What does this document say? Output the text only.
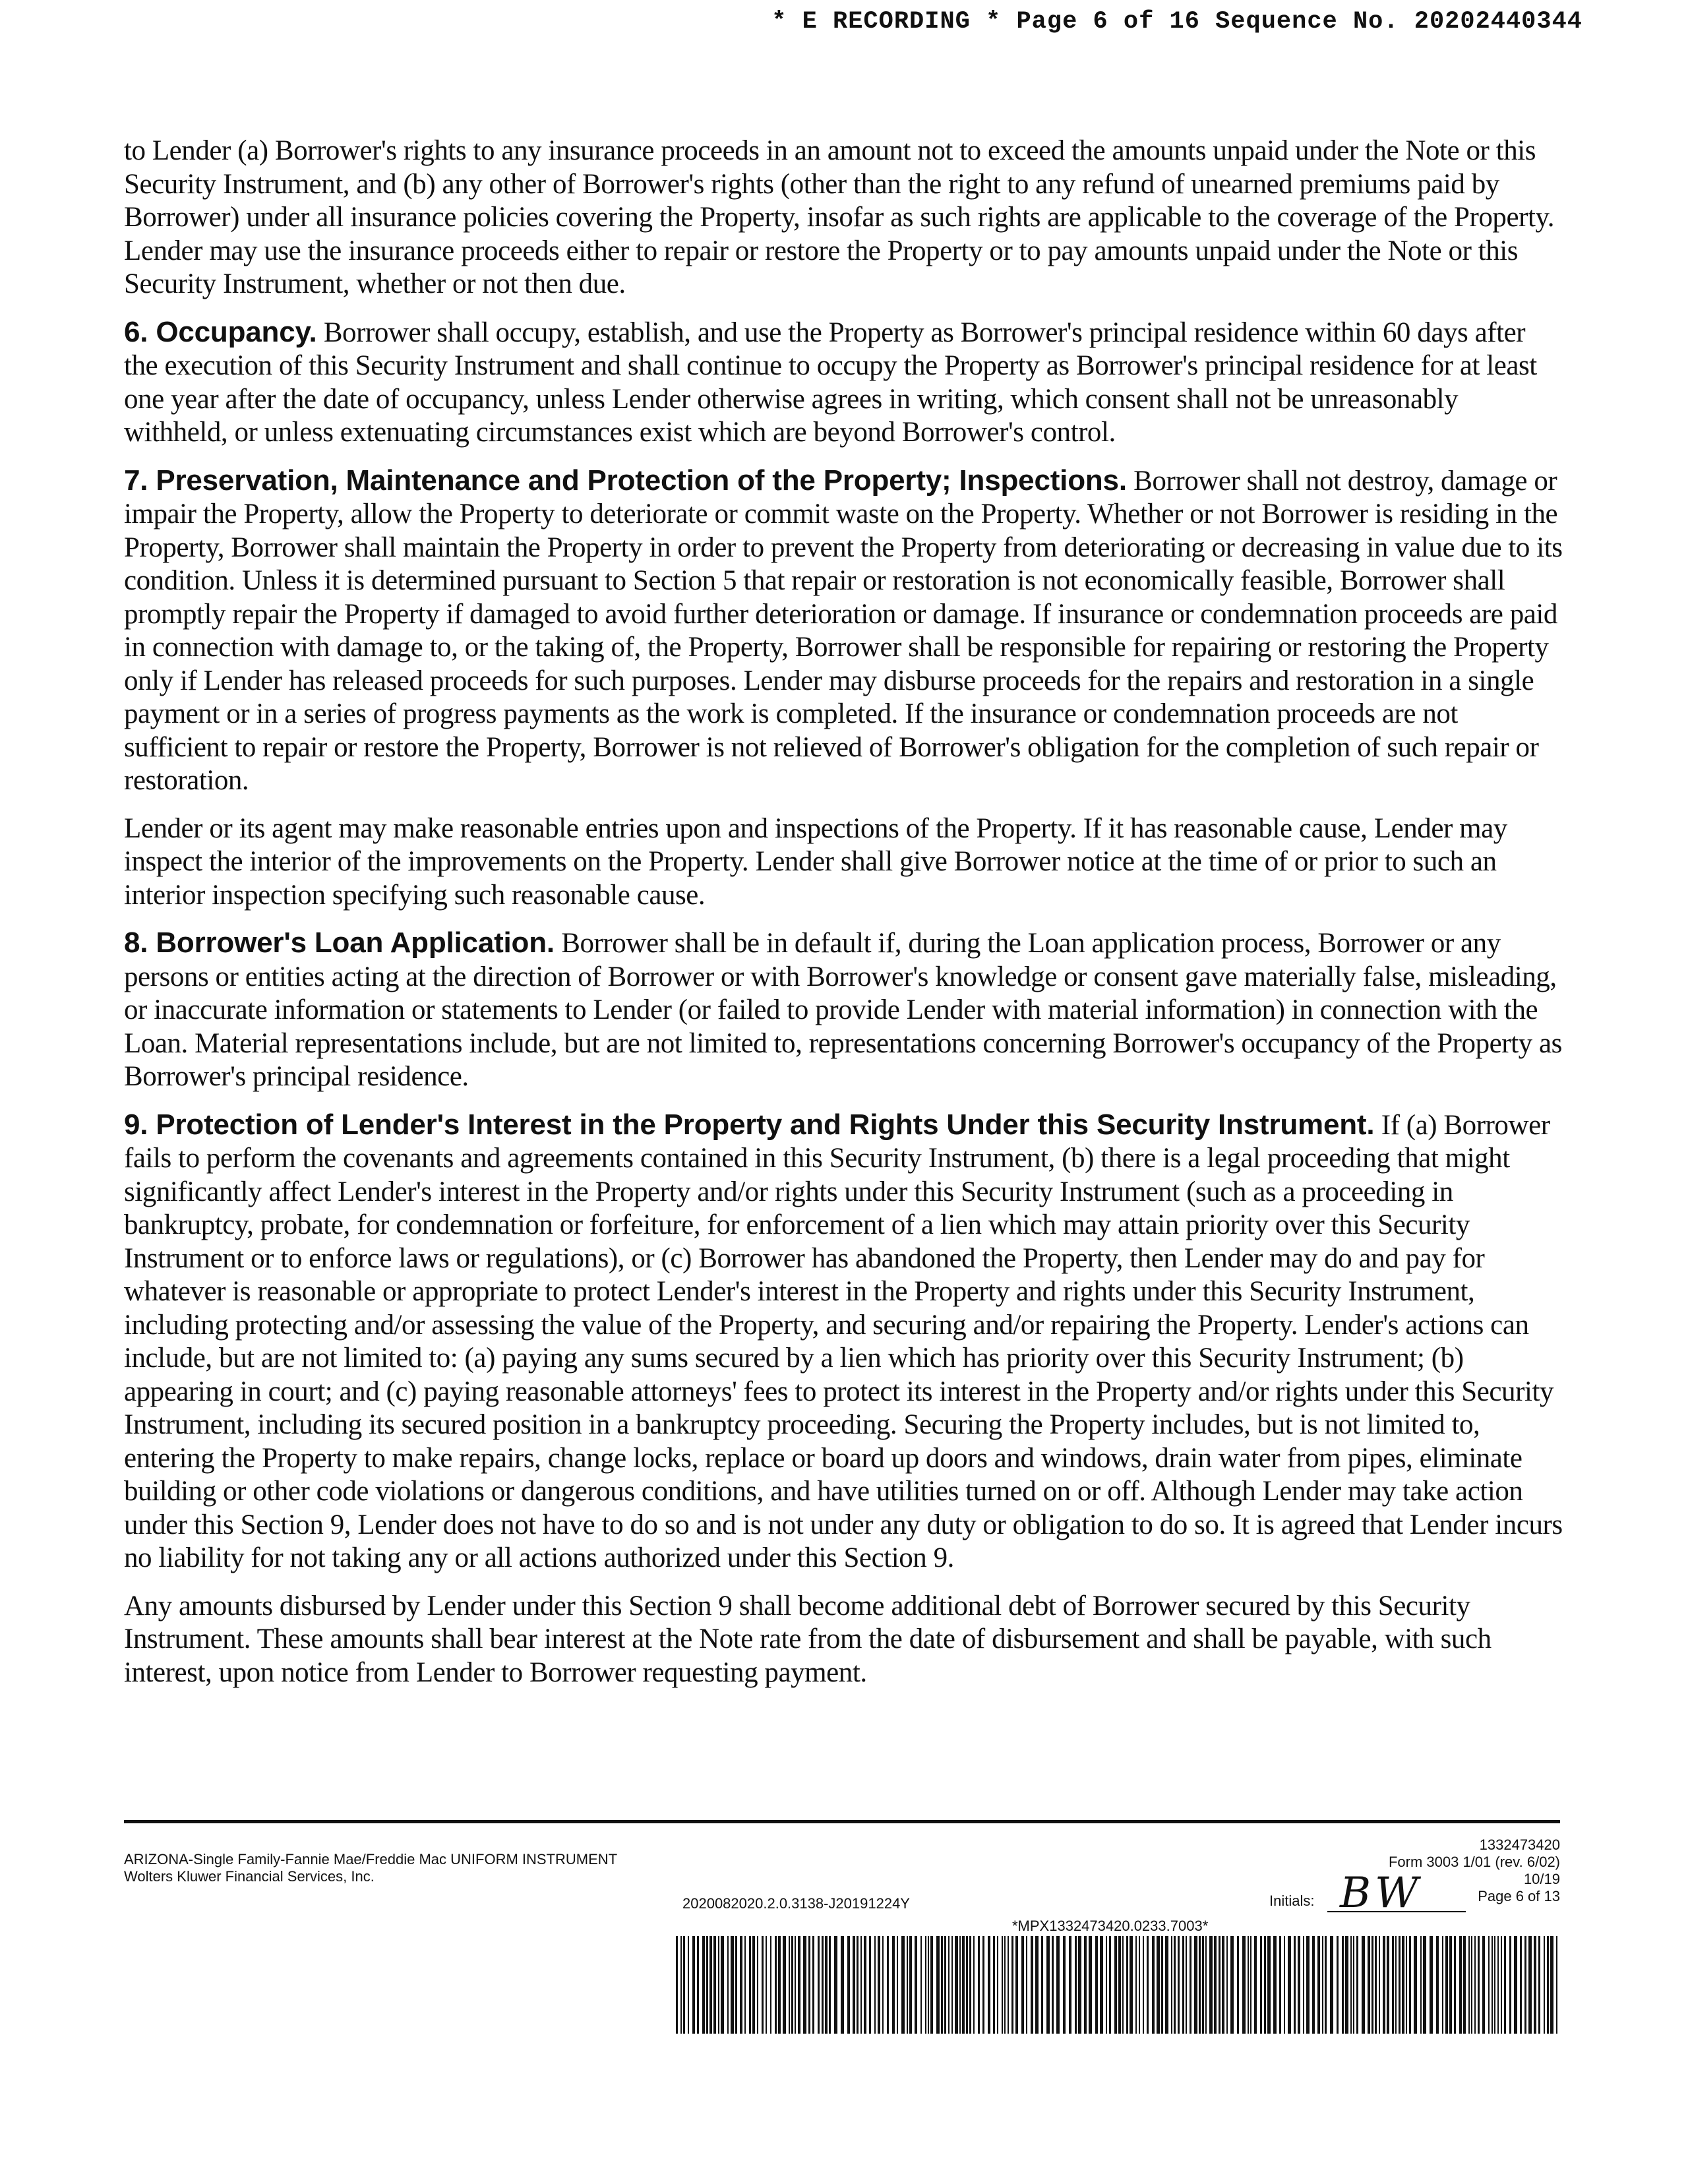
* E RECORDING * Page 6 of 16 Sequence No. 20202440344

to Lender (a) Borrower's rights to any insurance proceeds in an amount not to exceed the amounts unpaid under the Note or this Security Instrument, and (b) any other of Borrower's rights (other than the right to any refund of unearned premiums paid by Borrower) under all insurance policies covering the Property, insofar as such rights are applicable to the coverage of the Property. Lender may use the insurance proceeds either to repair or restore the Property or to pay amounts unpaid under the Note or this Security Instrument, whether or not then due.

6. Occupancy. Borrower shall occupy, establish, and use the Property as Borrower's principal residence within 60 days after the execution of this Security Instrument and shall continue to occupy the Property as Borrower's principal residence for at least one year after the date of occupancy, unless Lender otherwise agrees in writing, which consent shall not be unreasonably withheld, or unless extenuating circumstances exist which are beyond Borrower's control.

7. Preservation, Maintenance and Protection of the Property; Inspections. Borrower shall not destroy, damage or impair the Property, allow the Property to deteriorate or commit waste on the Property. Whether or not Borrower is residing in the Property, Borrower shall maintain the Property in order to prevent the Property from deteriorating or decreasing in value due to its condition. Unless it is determined pursuant to Section 5 that repair or restoration is not economically feasible, Borrower shall promptly repair the Property if damaged to avoid further deterioration or damage. If insurance or condemnation proceeds are paid in connection with damage to, or the taking of, the Property, Borrower shall be responsible for repairing or restoring the Property only if Lender has released proceeds for such purposes. Lender may disburse proceeds for the repairs and restoration in a single payment or in a series of progress payments as the work is completed. If the insurance or condemnation proceeds are not sufficient to repair or restore the Property, Borrower is not relieved of Borrower's obligation for the completion of such repair or restoration.

Lender or its agent may make reasonable entries upon and inspections of the Property. If it has reasonable cause, Lender may inspect the interior of the improvements on the Property. Lender shall give Borrower notice at the time of or prior to such an interior inspection specifying such reasonable cause.

8. Borrower's Loan Application. Borrower shall be in default if, during the Loan application process, Borrower or any persons or entities acting at the direction of Borrower or with Borrower's knowledge or consent gave materially false, misleading, or inaccurate information or statements to Lender (or failed to provide Lender with material information) in connection with the Loan. Material representations include, but are not limited to, representations concerning Borrower's occupancy of the Property as Borrower's principal residence.

9. Protection of Lender's Interest in the Property and Rights Under this Security Instrument. If (a) Borrower fails to perform the covenants and agreements contained in this Security Instrument, (b) there is a legal proceeding that might significantly affect Lender's interest in the Property and/or rights under this Security Instrument (such as a proceeding in bankruptcy, probate, for condemnation or forfeiture, for enforcement of a lien which may attain priority over this Security Instrument or to enforce laws or regulations), or (c) Borrower has abandoned the Property, then Lender may do and pay for whatever is reasonable or appropriate to protect Lender's interest in the Property and rights under this Security Instrument, including protecting and/or assessing the value of the Property, and securing and/or repairing the Property. Lender's actions can include, but are not limited to: (a) paying any sums secured by a lien which has priority over this Security Instrument; (b) appearing in court; and (c) paying reasonable attorneys' fees to protect its interest in the Property and/or rights under this Security Instrument, including its secured position in a bankruptcy proceeding. Securing the Property includes, but is not limited to, entering the Property to make repairs, change locks, replace or board up doors and windows, drain water from pipes, eliminate building or other code violations or dangerous conditions, and have utilities turned on or off. Although Lender may take action under this Section 9, Lender does not have to do so and is not under any duty or obligation to do so. It is agreed that Lender incurs no liability for not taking any or all actions authorized under this Section 9.

Any amounts disbursed by Lender under this Section 9 shall become additional debt of Borrower secured by this Security Instrument. These amounts shall bear interest at the Note rate from the date of disbursement and shall be payable, with such interest, upon notice from Lender to Borrower requesting payment.

ARIZONA-Single Family-Fannie Mae/Freddie Mac UNIFORM INSTRUMENT
Wolters Kluwer Financial Services, Inc.
2020082020.2.0.3138-J20191224Y
1332473420
Form 3003 1/01 (rev. 6/02)
10/19
Page 6 of 13
Initials: BW
*MPX1332473420.0233.7003*
